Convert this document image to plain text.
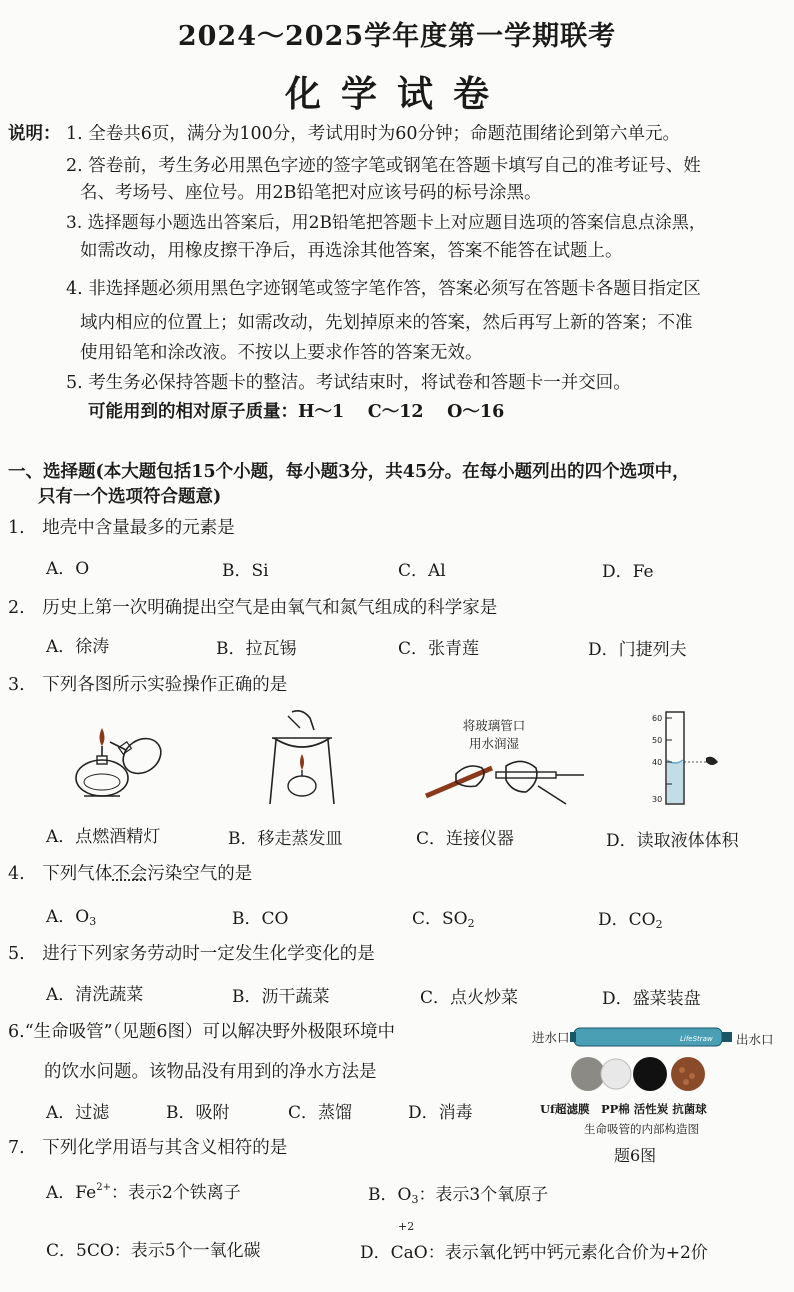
2024～2025学年度第一学期联考
化学试卷
说明： 1. 全卷共6页，满分为100分，考试用时为60分钟；命题范围绪论到第六单元。
2. 答卷前，考生务必用黑色字迹的签字笔或钢笔在答题卡填写自己的准考证号、姓
名、考场号、座位号。用2B铅笔把对应该号码的标号涂黑。
3. 选择题每小题选出答案后，用2B铅笔把答题卡上对应题目选项的答案信息点涂黑，
如需改动，用橡皮擦干净后，再选涂其他答案，答案不能答在试题上。
4. 非选择题必须用黑色字迹钢笔或签字笔作答，答案必须写在答题卡各题目指定区
域内相应的位置上；如需改动，先划掉原来的答案，然后再写上新的答案；不准
使用铅笔和涂改液。不按以上要求作答的答案无效。
5. 考生务必保持答题卡的整洁。考试结束时，将试卷和答题卡一并交回。
可能用到的相对原子质量：H～1　 C～12　 O～16
一、选择题(本大题包括15个小题，每小题3分，共45分。在每小题列出的四个选项中，
只有一个选项符合题意)
1.　地壳中含量最多的元素是
A．O	B．Si	C．Al	D．Fe
2.　历史上第一次明确提出空气是由氧气和氮气组成的科学家是
A．徐涛	B．拉瓦锡	C．张青莲	D．门捷列夫
3.　下列各图所示实验操作正确的是
将玻璃管口
用水润湿
60
50
40
30
A．点燃酒精灯	B．移走蒸发皿	C．连接仪器	D．读取液体体积
4.　下列气体不会污染空气的是
A．$O_3$	B．CO	C．$SO_2$	D．$CO_2$
5.　进行下列家务劳动时一定发生化学变化的是
A．清洗蔬菜	B．沥干蔬菜	C．点火炒菜	D．盛菜装盘
6.“生命吸管”（见题6图）可以解决野外极限环境中
的饮水问题。该物品没有用到的净水方法是
A．过滤	B．吸附	C．蒸馏	D．消毒
进水口	出水口
LifeStraw
Uf超滤膜　PP棉 活性炭 抗菌球
生命吸管的内部构造图
题6图
7.　下列化学用语与其含义相符的是
A．$Fe^{2+}$：表示2个铁离子	B．$O_3$：表示3个氧原子
C．5CO：表示5个一氧化碳
+2
D．CaO：表示氧化钙中钙元素化合价为+2价
